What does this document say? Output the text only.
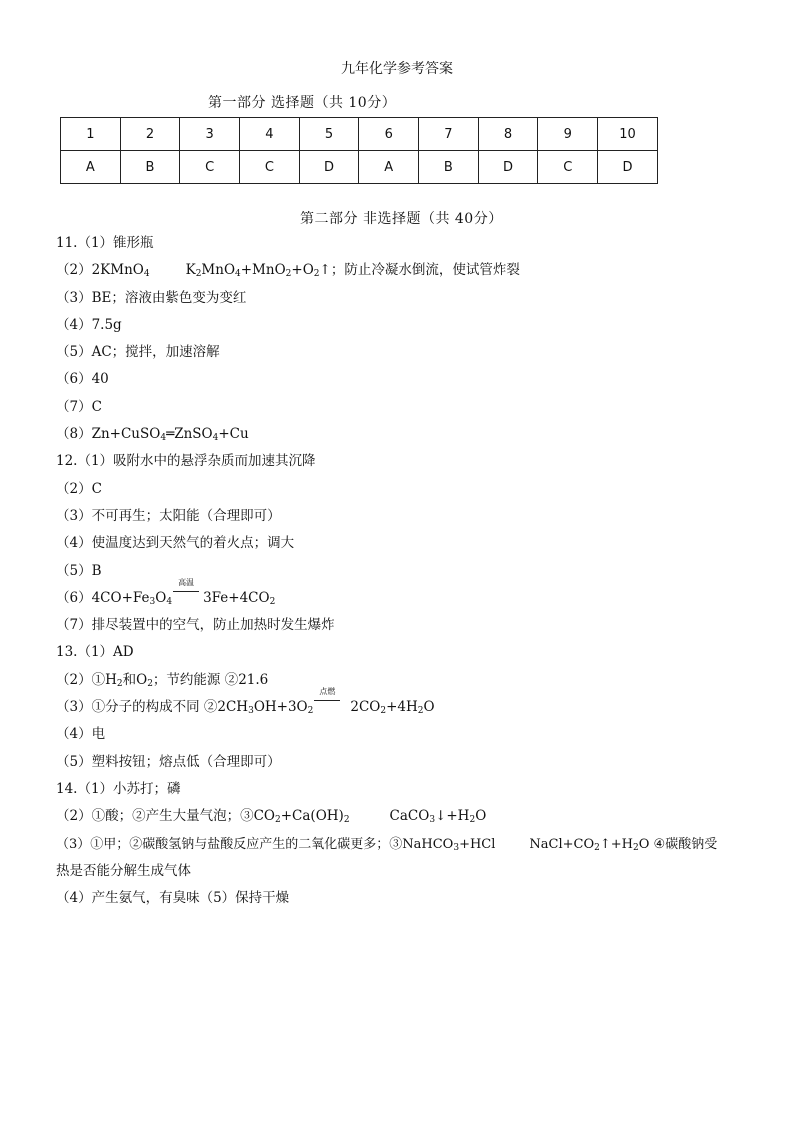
九年化学参考答案
第一部分 选择题（共 10分）
1	2	3	4	5	6	7	8	9	10
A	B	C	C	D	A	B	D	C	D
第二部分 非选择题（共 40分）
11.（1）锥形瓶
（2）2KMnO$_4$	$K_2MnO_4+MnO_2+O_2↑$；防止冷凝水倒流，使试管炸裂
（3）BE；溶液由紫色变为变红
（4）7.5g
（5）AC；搅拌，加速溶解
（6）40
（7）C
（8）Zn+CuSO$_4$═ZnSO$_4$+Cu
12.（1）吸附水中的悬浮杂质而加速其沉降
（2）C
（3）不可再生；太阳能（合理即可）
（4）使温度达到天然气的着火点；调大
（5）B
$(6)4CO+Fe_3O_4$
高温
$3Fe+4CO_2$
（7）排尽装置中的空气，防止加热时发生爆炸
13.（1）AD
$(2)①H_2$和$O_2$；节约能源 ②21.6
（3）①分子的构成不同 $②2CH_3OH+3O_2$
点燃
$2CO_2+4H_2O$
（4）电
（5）塑料按钮；熔点低（合理即可）
14.（1）小苏打；磷
（2）①酸；②产生大量气泡；$③CO_2+Ca(OH)_2$	$CaCO_3↓+H_2O$
（3）①甲；②碳酸氢钠与盐酸反应产生的二氧化碳更多；③NaHCO$_3$+HCl	$NaCl+CO_2↑+H_2O$ ④碳酸钠受
热是否能分解生成气体
（4）产生氨气，有臭味（5）保持干燥
